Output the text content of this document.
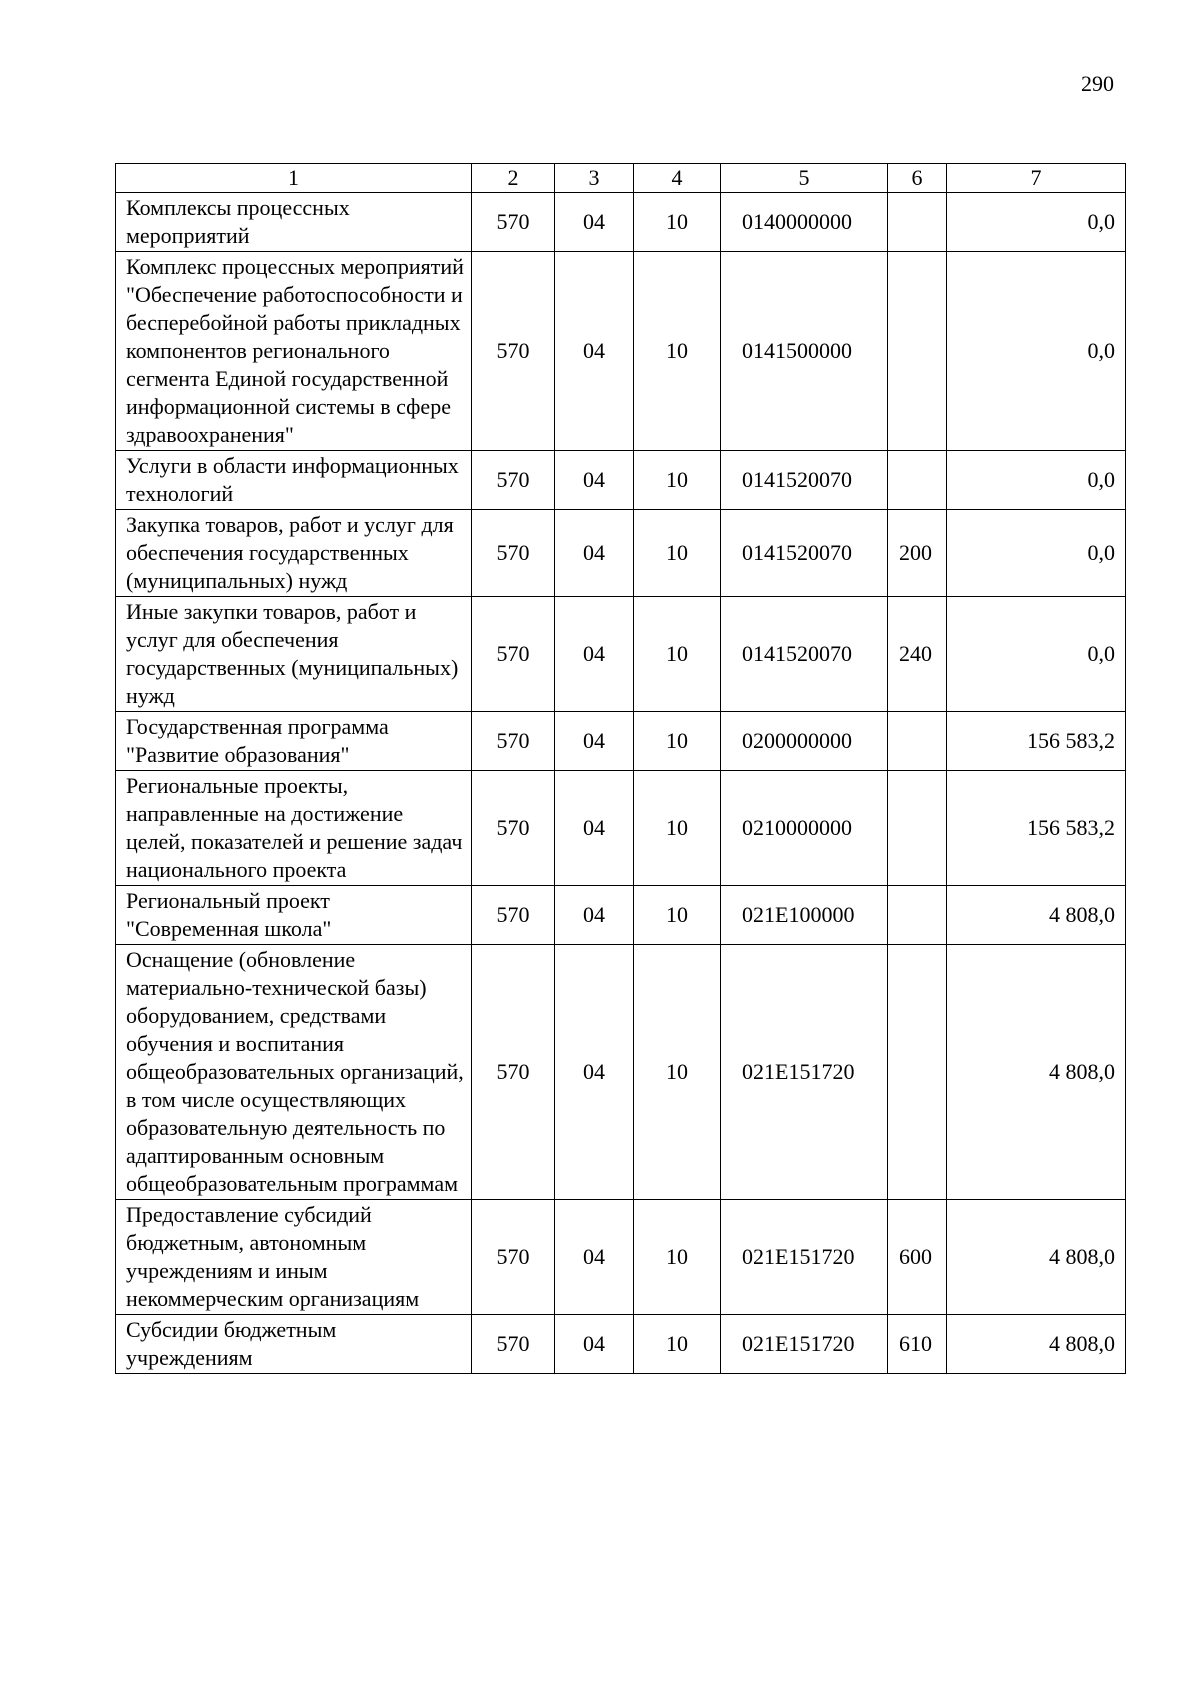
290
1	2	3	4	5	6	7
Комплексы процессных мероприятий	570	04	10	0140000000		0,0
Комплекс процессных мероприятий "Обеспечение работоспособности и бесперебойной работы прикладных компонентов регионального сегмента Единой государственной информационной системы в сфере здравоохранения"	570	04	10	0141500000		0,0
Услуги в области информационных технологий	570	04	10	0141520070		0,0
Закупка товаров, работ и услуг для обеспечения государственных (муниципальных) нужд	570	04	10	0141520070	200	0,0
Иные закупки товаров, работ и услуг для обеспечения государственных (муниципальных) нужд	570	04	10	0141520070	240	0,0
Государственная программа "Развитие образования"	570	04	10	0200000000		156 583,2
Региональные проекты, направленные на достижение целей, показателей и решение задач национального проекта	570	04	10	0210000000		156 583,2
Региональный проект "Современная школа"	570	04	10	021E100000		4 808,0
Оснащение (обновление материально-технической базы) оборудованием, средствами обучения и воспитания общеобразовательных организаций, в том числе осуществляющих образовательную деятельность по адаптированным основным общеобразовательным программам	570	04	10	021E151720		4 808,0
Предоставление субсидий бюджетным, автономным учреждениям и иным некоммерческим организациям	570	04	10	021E151720	600	4 808,0
Субсидии бюджетным учреждениям	570	04	10	021E151720	610	4 808,0
